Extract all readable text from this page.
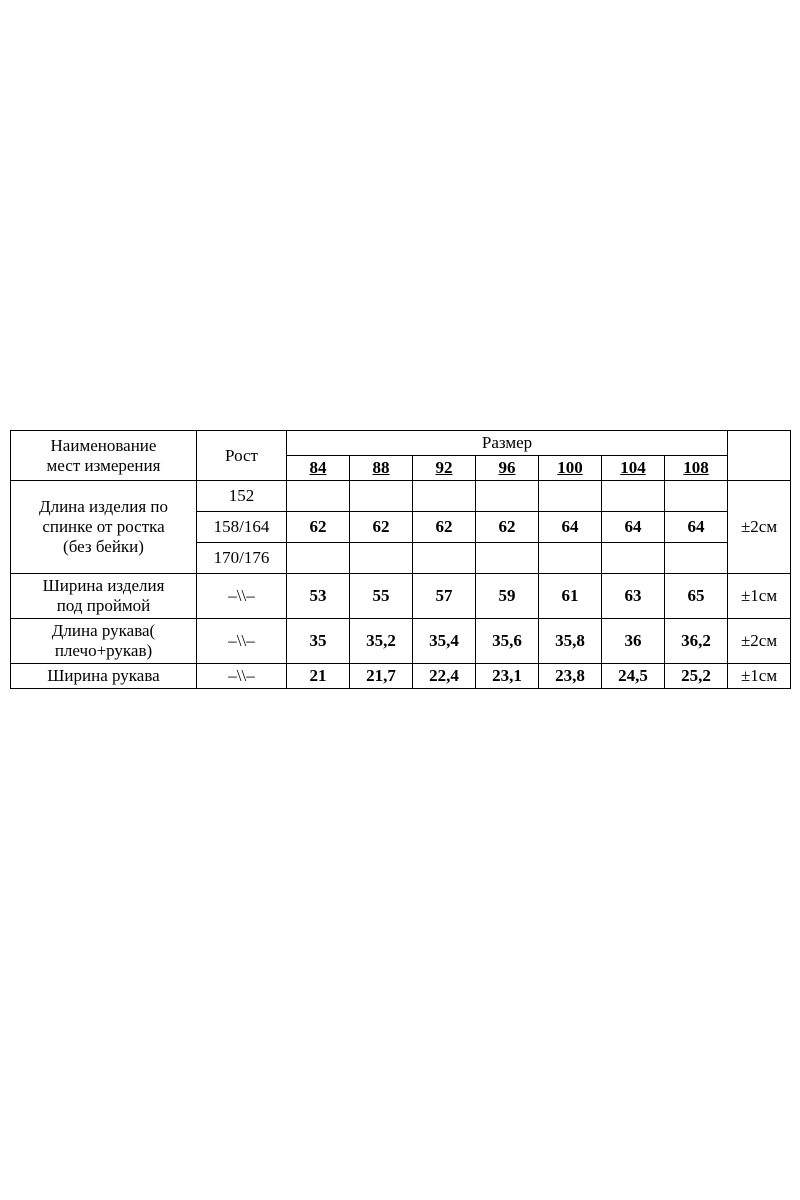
Наименование
мест измерения	Рост	Размер							
		84	88	92	96	100	104	108	

Длина изделия по
спинке от ростка
(без бейки)	152								±2см
	158/164	62	62	62	62	64	64	64	
	170/176								

Ширина изделия
под проймой	–\\–	53	55	57	59	61	63	65	±1см

Длина рукава(
плечо+рукав)	–\\–	35	35,2	35,4	35,6	35,8	36	36,2	±2см

Ширина рукава	–\\–	21	21,7	22,4	23,1	23,8	24,5	25,2	±1см
